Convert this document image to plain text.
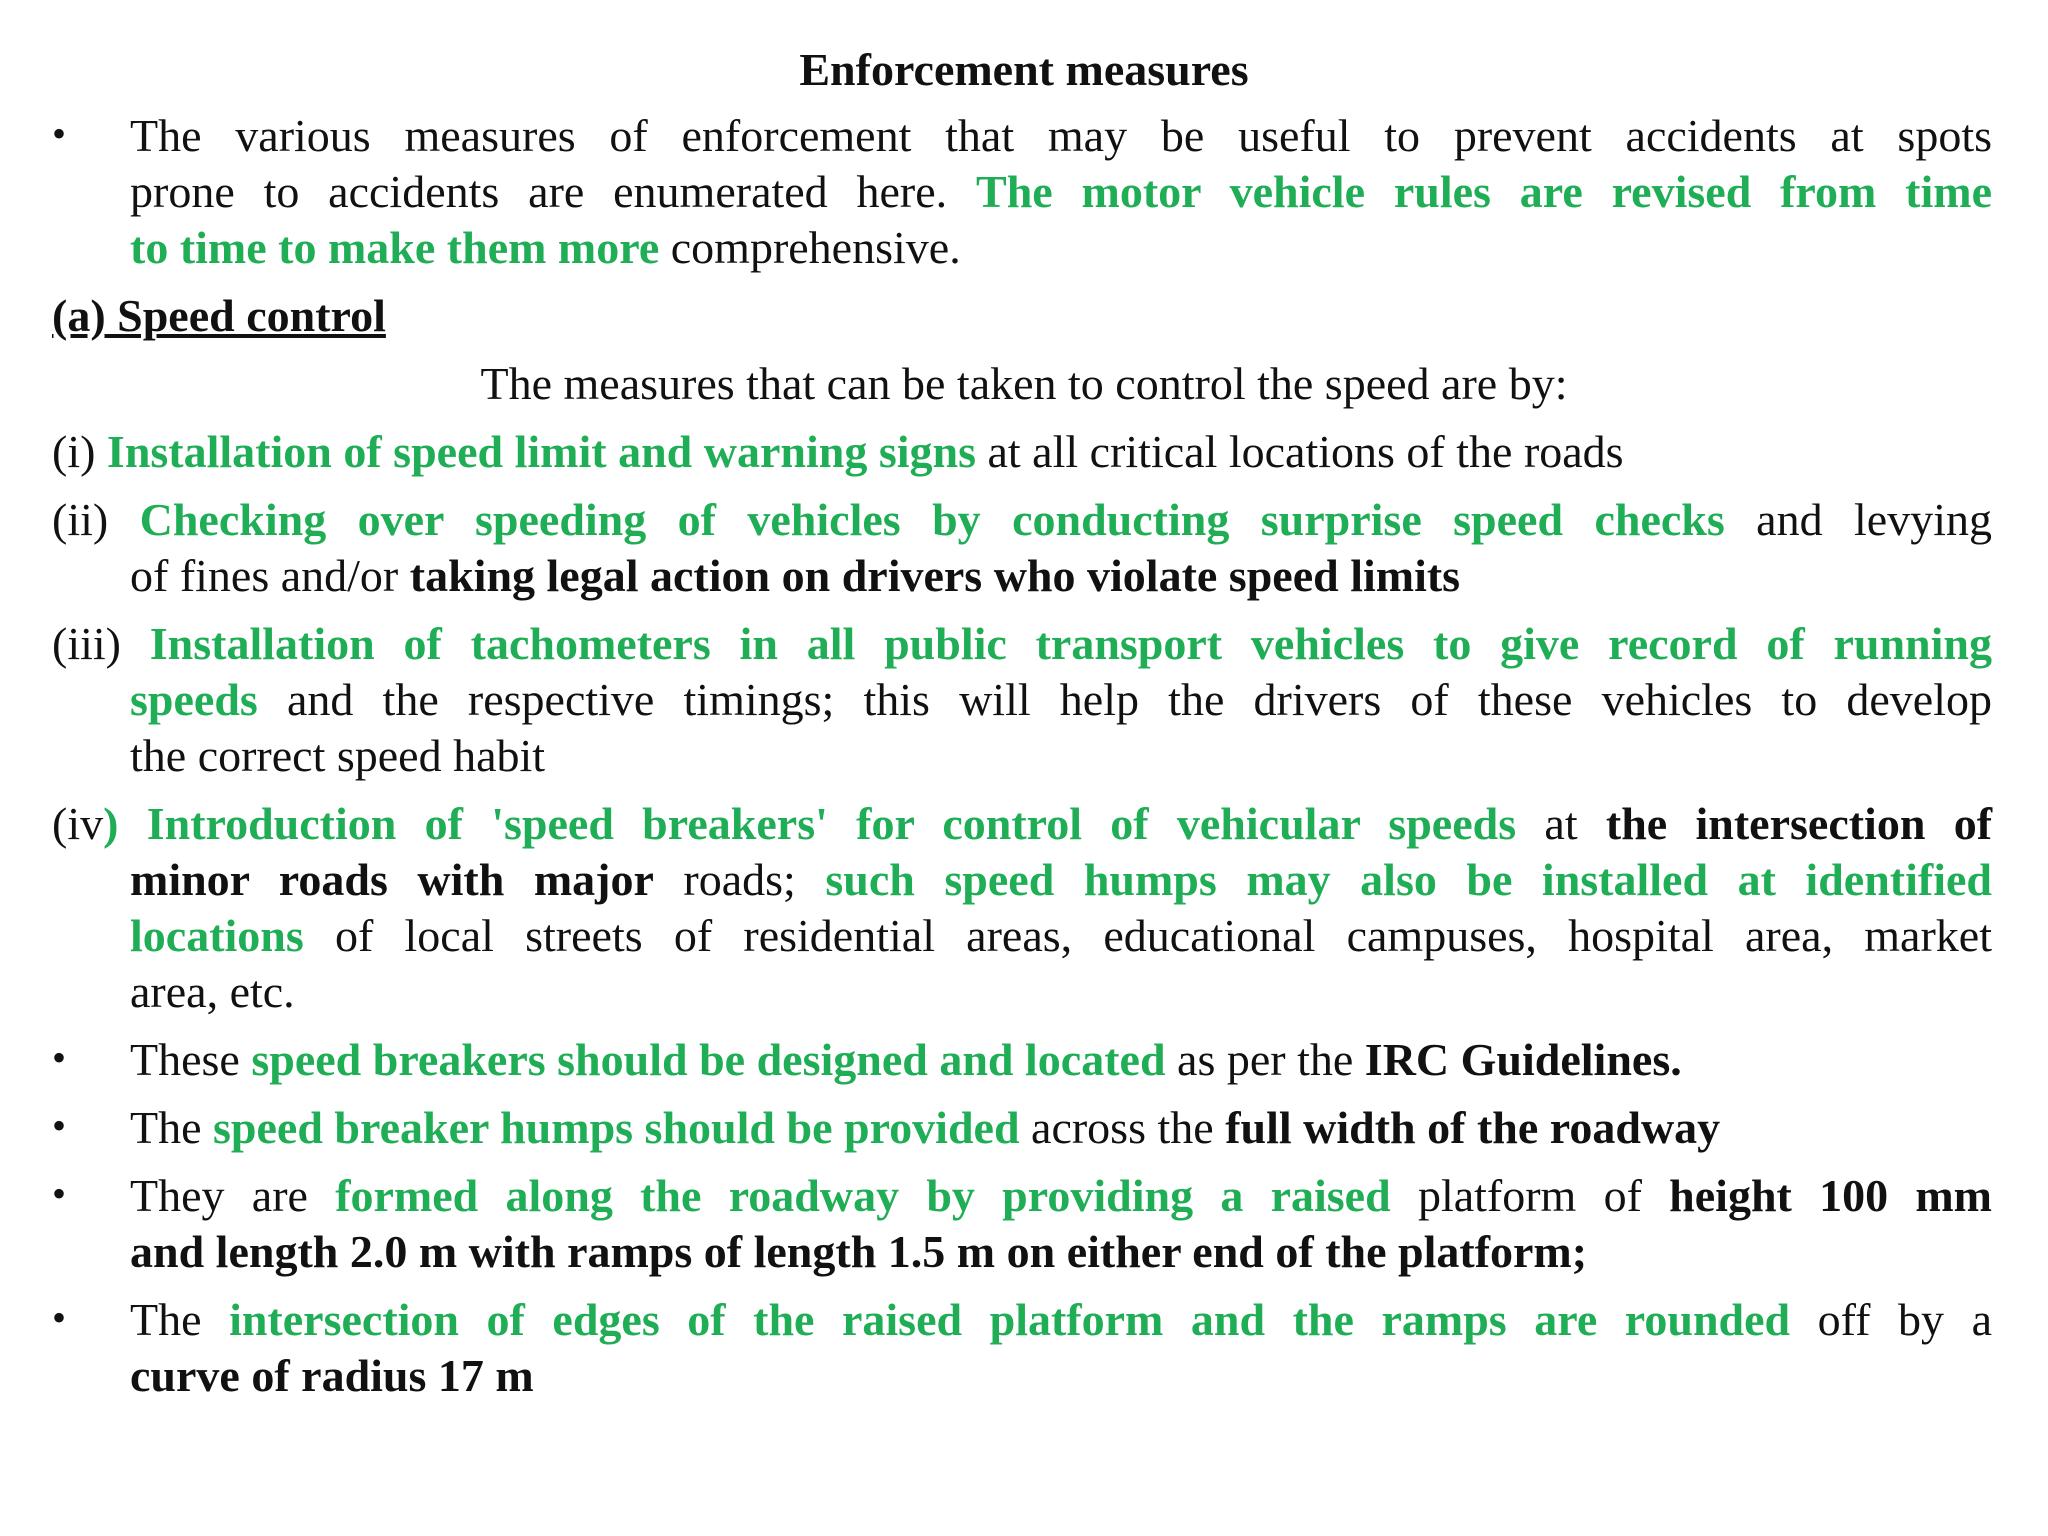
Enforcement measures
• The various measures of enforcement that may be useful to prevent accidents at spots
prone to accidents are enumerated here. The motor vehicle rules are revised from time
to time to make them more comprehensive.
(a) Speed control
The measures that can be taken to control the speed are by:
(i) Installation of speed limit and warning signs at all critical locations of the roads
(ii) Checking over speeding of vehicles by conducting surprise speed checks and levying
of fines and/or taking legal action on drivers who violate speed limits
(iii) Installation of tachometers in all public transport vehicles to give record of running
speeds and the respective timings; this will help the drivers of these vehicles to develop
the correct speed habit
(iv) Introduction of 'speed breakers' for control of vehicular speeds at the intersection of
minor roads with major roads; such speed humps may also be installed at identified
locations of local streets of residential areas, educational campuses, hospital area, market
area, etc.
• These speed breakers should be designed and located as per the IRC Guidelines.
• The speed breaker humps should be provided across the full width of the roadway
• They are formed along the roadway by providing a raised platform of height 100 mm
and length 2.0 m with ramps of length 1.5 m on either end of the platform;
• The intersection of edges of the raised platform and the ramps are rounded off by a
curve of radius 17 m
